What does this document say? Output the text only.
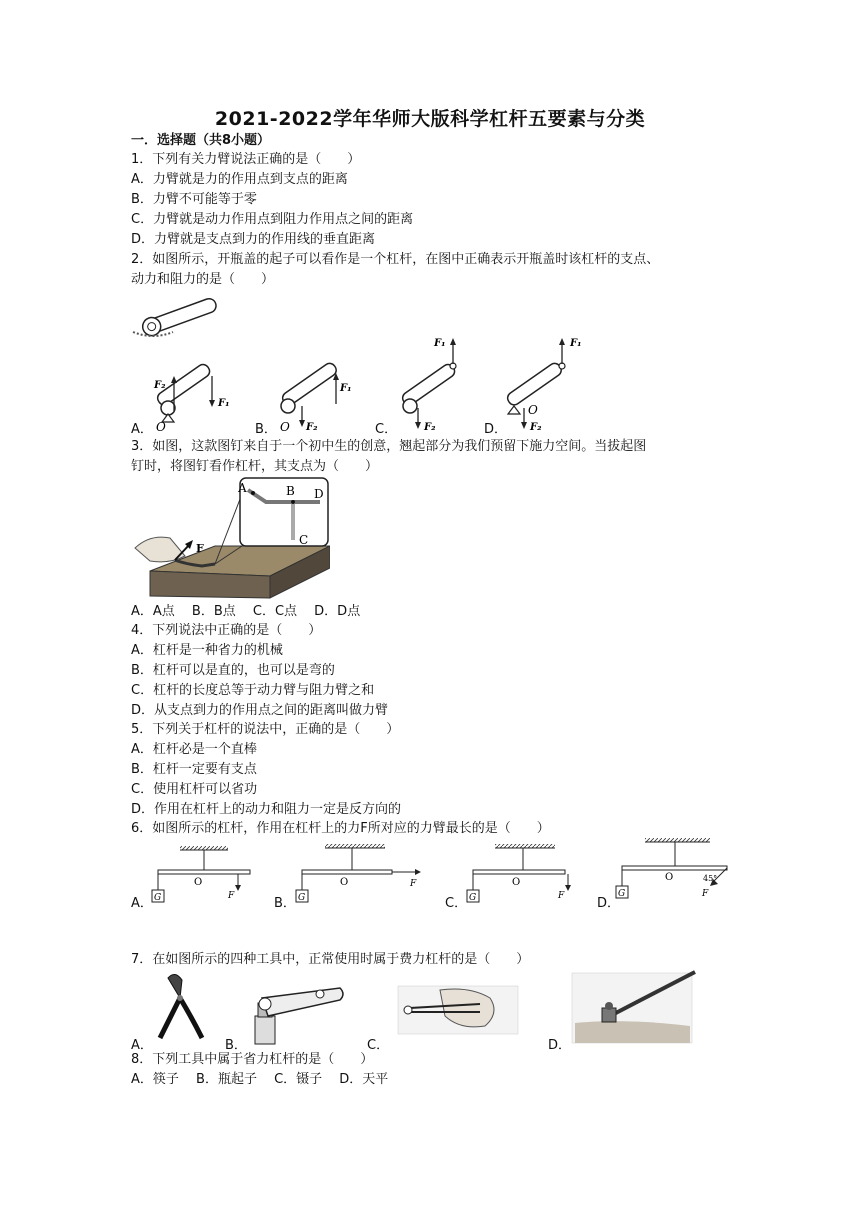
2021-2022学年华师大版科学杠杆五要素与分类
一．选择题（共8小题）
1．下列有关力臂说法正确的是（　　）
A．力臂就是力的作用点到支点的距离
B．力臂不可能等于零
C．力臂就是动力作用点到阻力作用点之间的距离
D．力臂就是支点到力的作用线的垂直距离
2．如图所示，开瓶盖的起子可以看作是一个杠杆，在图中正确表示开瓶盖时该杠杆的支点、
动力和阻力的是（　　）
F₂
F₁
O
F₁
F₂
O
F₁
F₂
F₁
F₂
O
A．	B．	C．	D．
3．如图，这款图钉来自于一个初中生的创意，翘起部分为我们预留下施力空间。当拔起图
钉时，将图钉看作杠杆，其支点为（　　）
F
A	B D
C
A．A点　 B．B点　 C．C点　 D．D点
4．下列说法中正确的是（　　）
A．杠杆是一种省力的机械
B．杠杆可以是直的，也可以是弯的
C．杠杆的长度总等于动力臂与阻力臂之和
D．从支点到力的作用点之间的距离叫做力臂
5．下列关于杠杆的说法中，正确的是（　　）
A．杠杆必是一个直棒
B．杠杆一定要有支点
C．使用杠杆可以省功
D．作用在杠杆上的动力和阻力一定是反方向的
6．如图所示的杠杆，作用在杠杆上的力F所对应的力臂最长的是（　　）
G
O
F	G
O	F
G
O
F	G
O	45°
F
A．	B．	C．	D．
7．在如图所示的四种工具中，正常使用时属于费力杠杆的是（　　）
A．	B．	C．	D．
8．下列工具中属于省力杠杆的是（　　）
A．筷子　 B．瓶起子　 C．镊子　 D．天平
